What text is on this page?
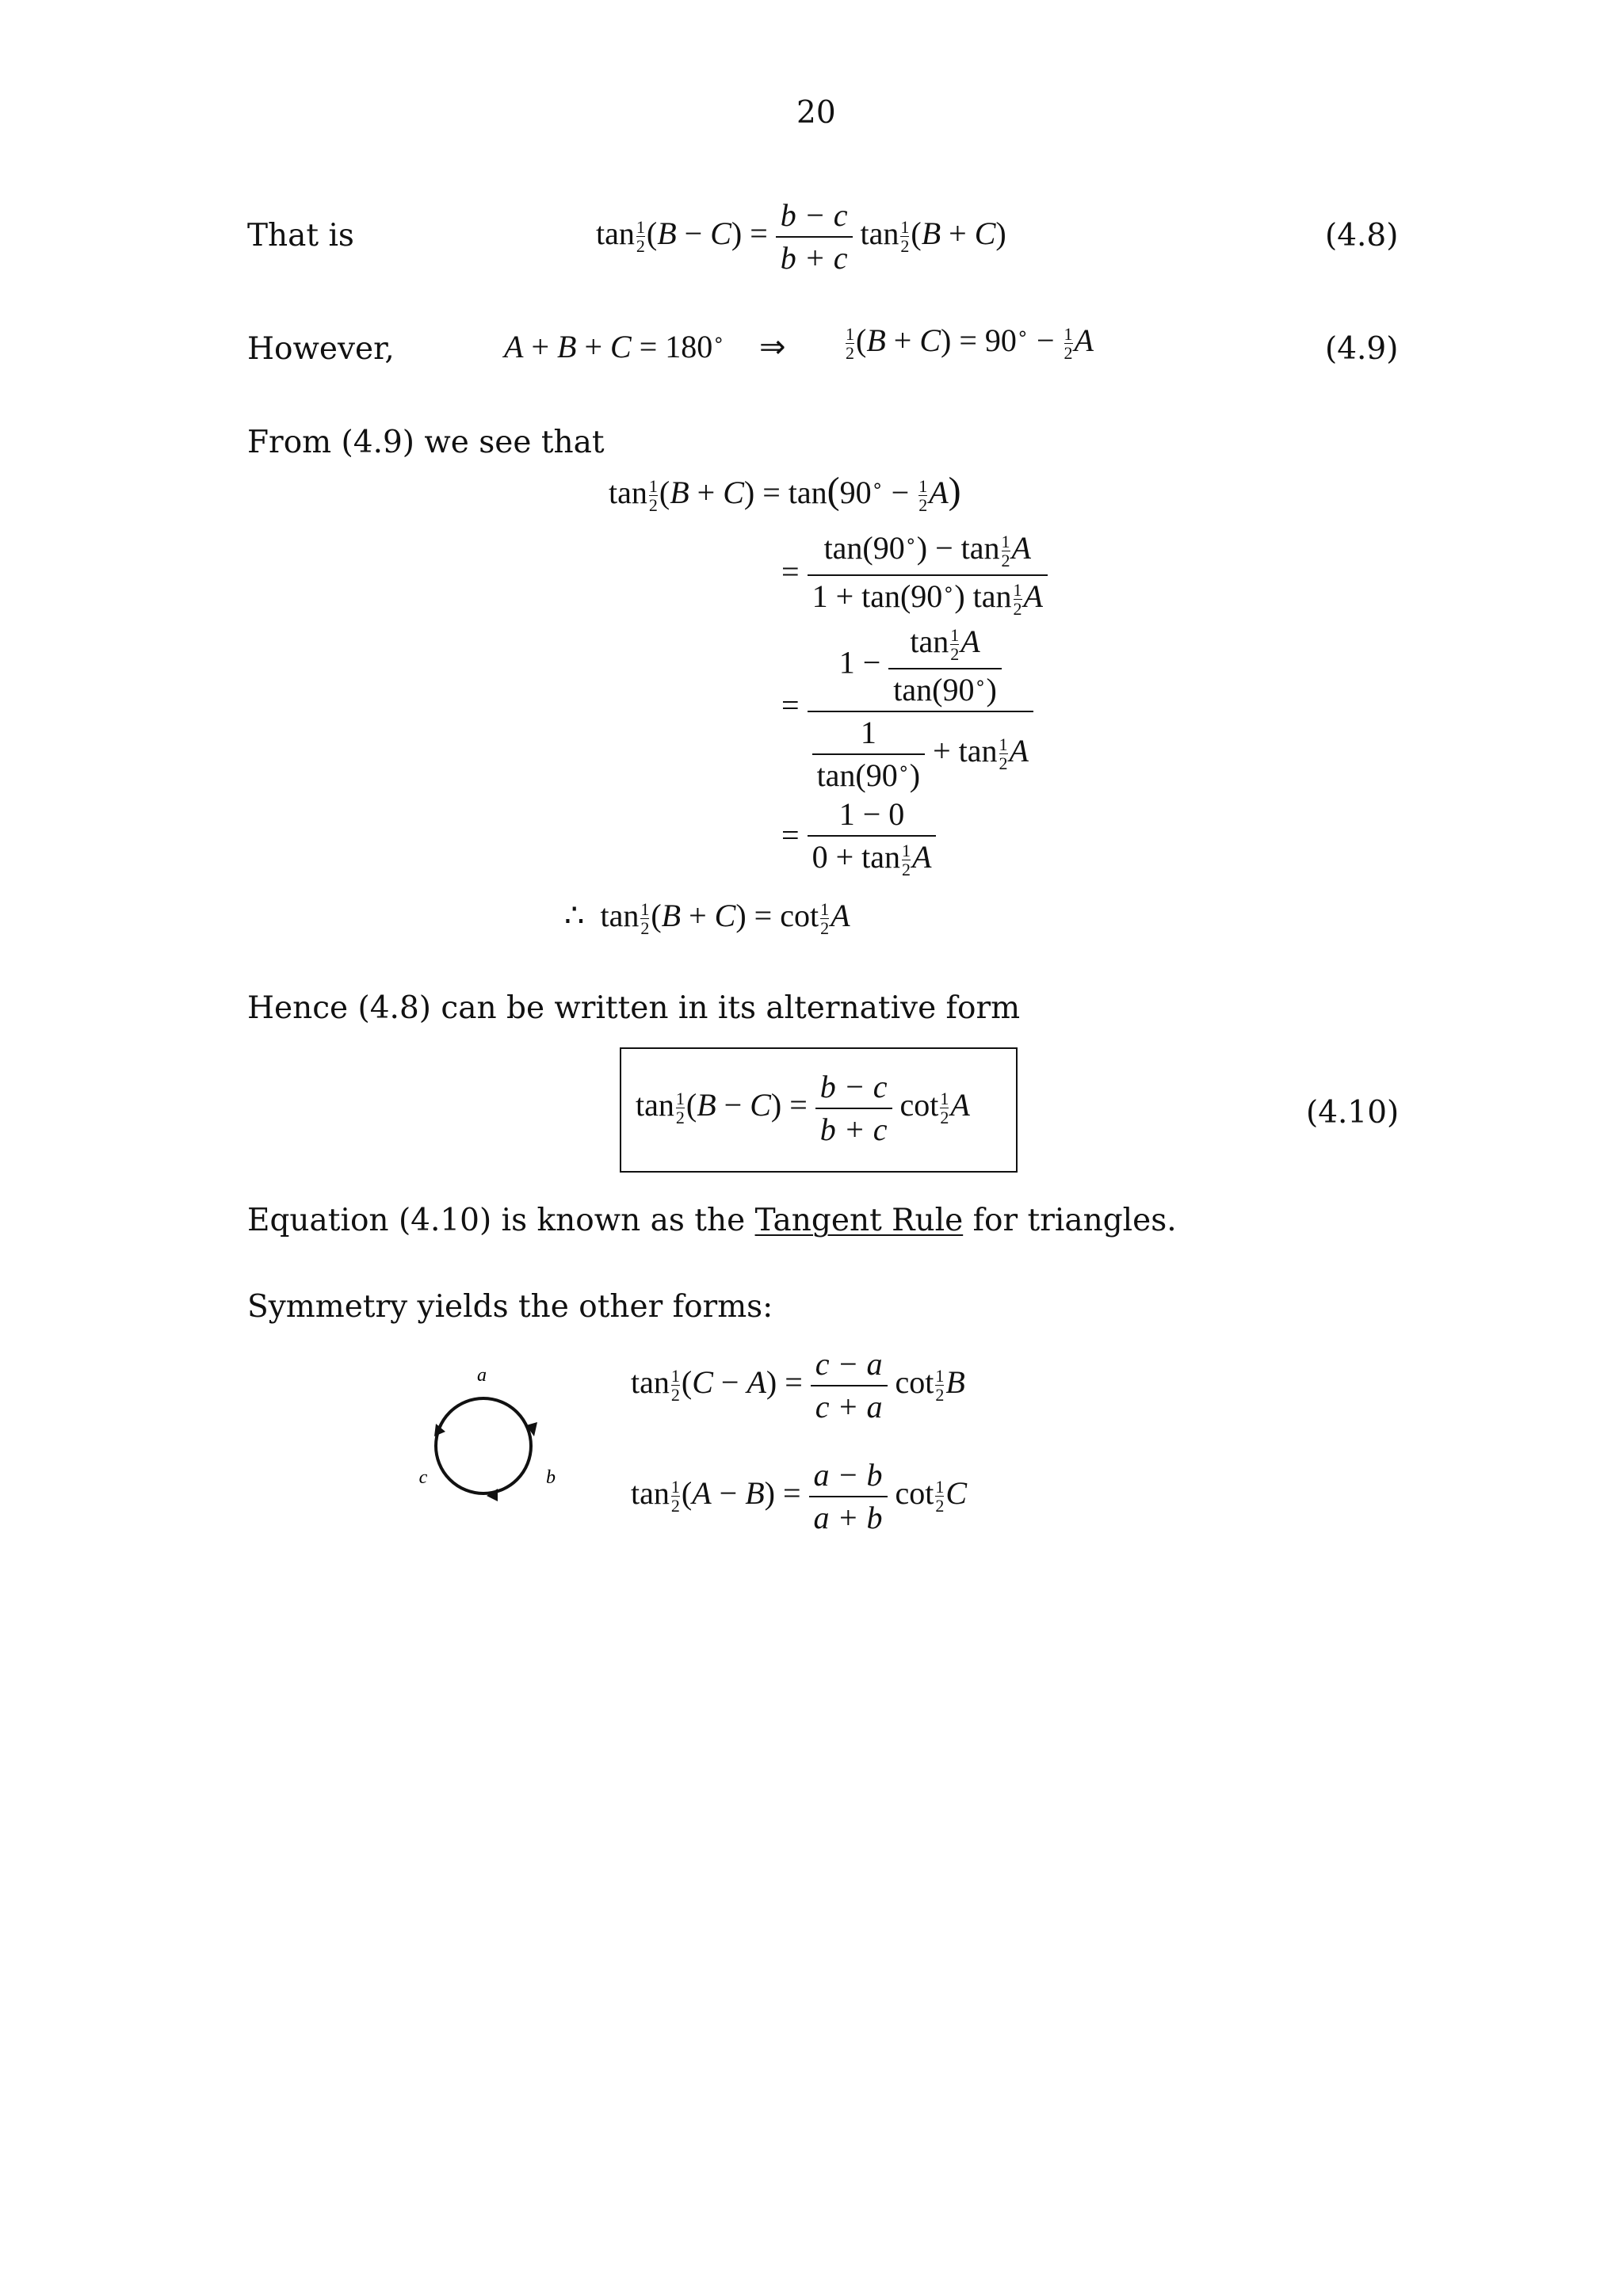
20
That is	$\tan \frac{1}{2} (B - C) = \frac{b - c}{b + c}$ $\tan \frac{1}{2} (B + C)$	(4.8)
However,	A + B + C = 180∘ ⇒	$\frac{1}{2} (B + C) = 90^\circ - \frac{1}{2}$ A	(4.9)
From (4.9) we see that
$\tan \frac{1}{2} (B + C) = \tan(90^\circ - \frac{1}{2} A)$
= $\frac{\tan(90^\circ) - \tan \frac{1}{2} A}{1 + \tan(90^\circ) \tan \frac{1}{2} A}$
= $\frac{1 - \frac{\tan \frac{1}{2} A}{\tan(90^\circ)}}{\frac{1}{\tan(90^\circ)} + \tan \frac{1}{2} A}$
= $\frac{1 - 0}{0 + \tan \frac{1}{2} A}$
∴  $\tan \frac{1}{2} (B + C) = \cot \frac{1}{2}$ A
Hence (4.8) can be written in its alternative form
$\tan \frac{1}{2} (B - C) = \frac{b - c}{b + c}$ $\cot \frac{1}{2}$ A	(4.10)
Equation (4.10) is known as the Tangent Rule for triangles.
Symmetry yields the other forms:
a
b
c
$\tan \frac{1}{2} (C - A) = \frac{c - a}{c + a}$ $\cot \frac{1}{2}$ B
$\tan \frac{1}{2} (A - B) = \frac{a - b}{a + b}$ $\cot \frac{1}{2}$ C
